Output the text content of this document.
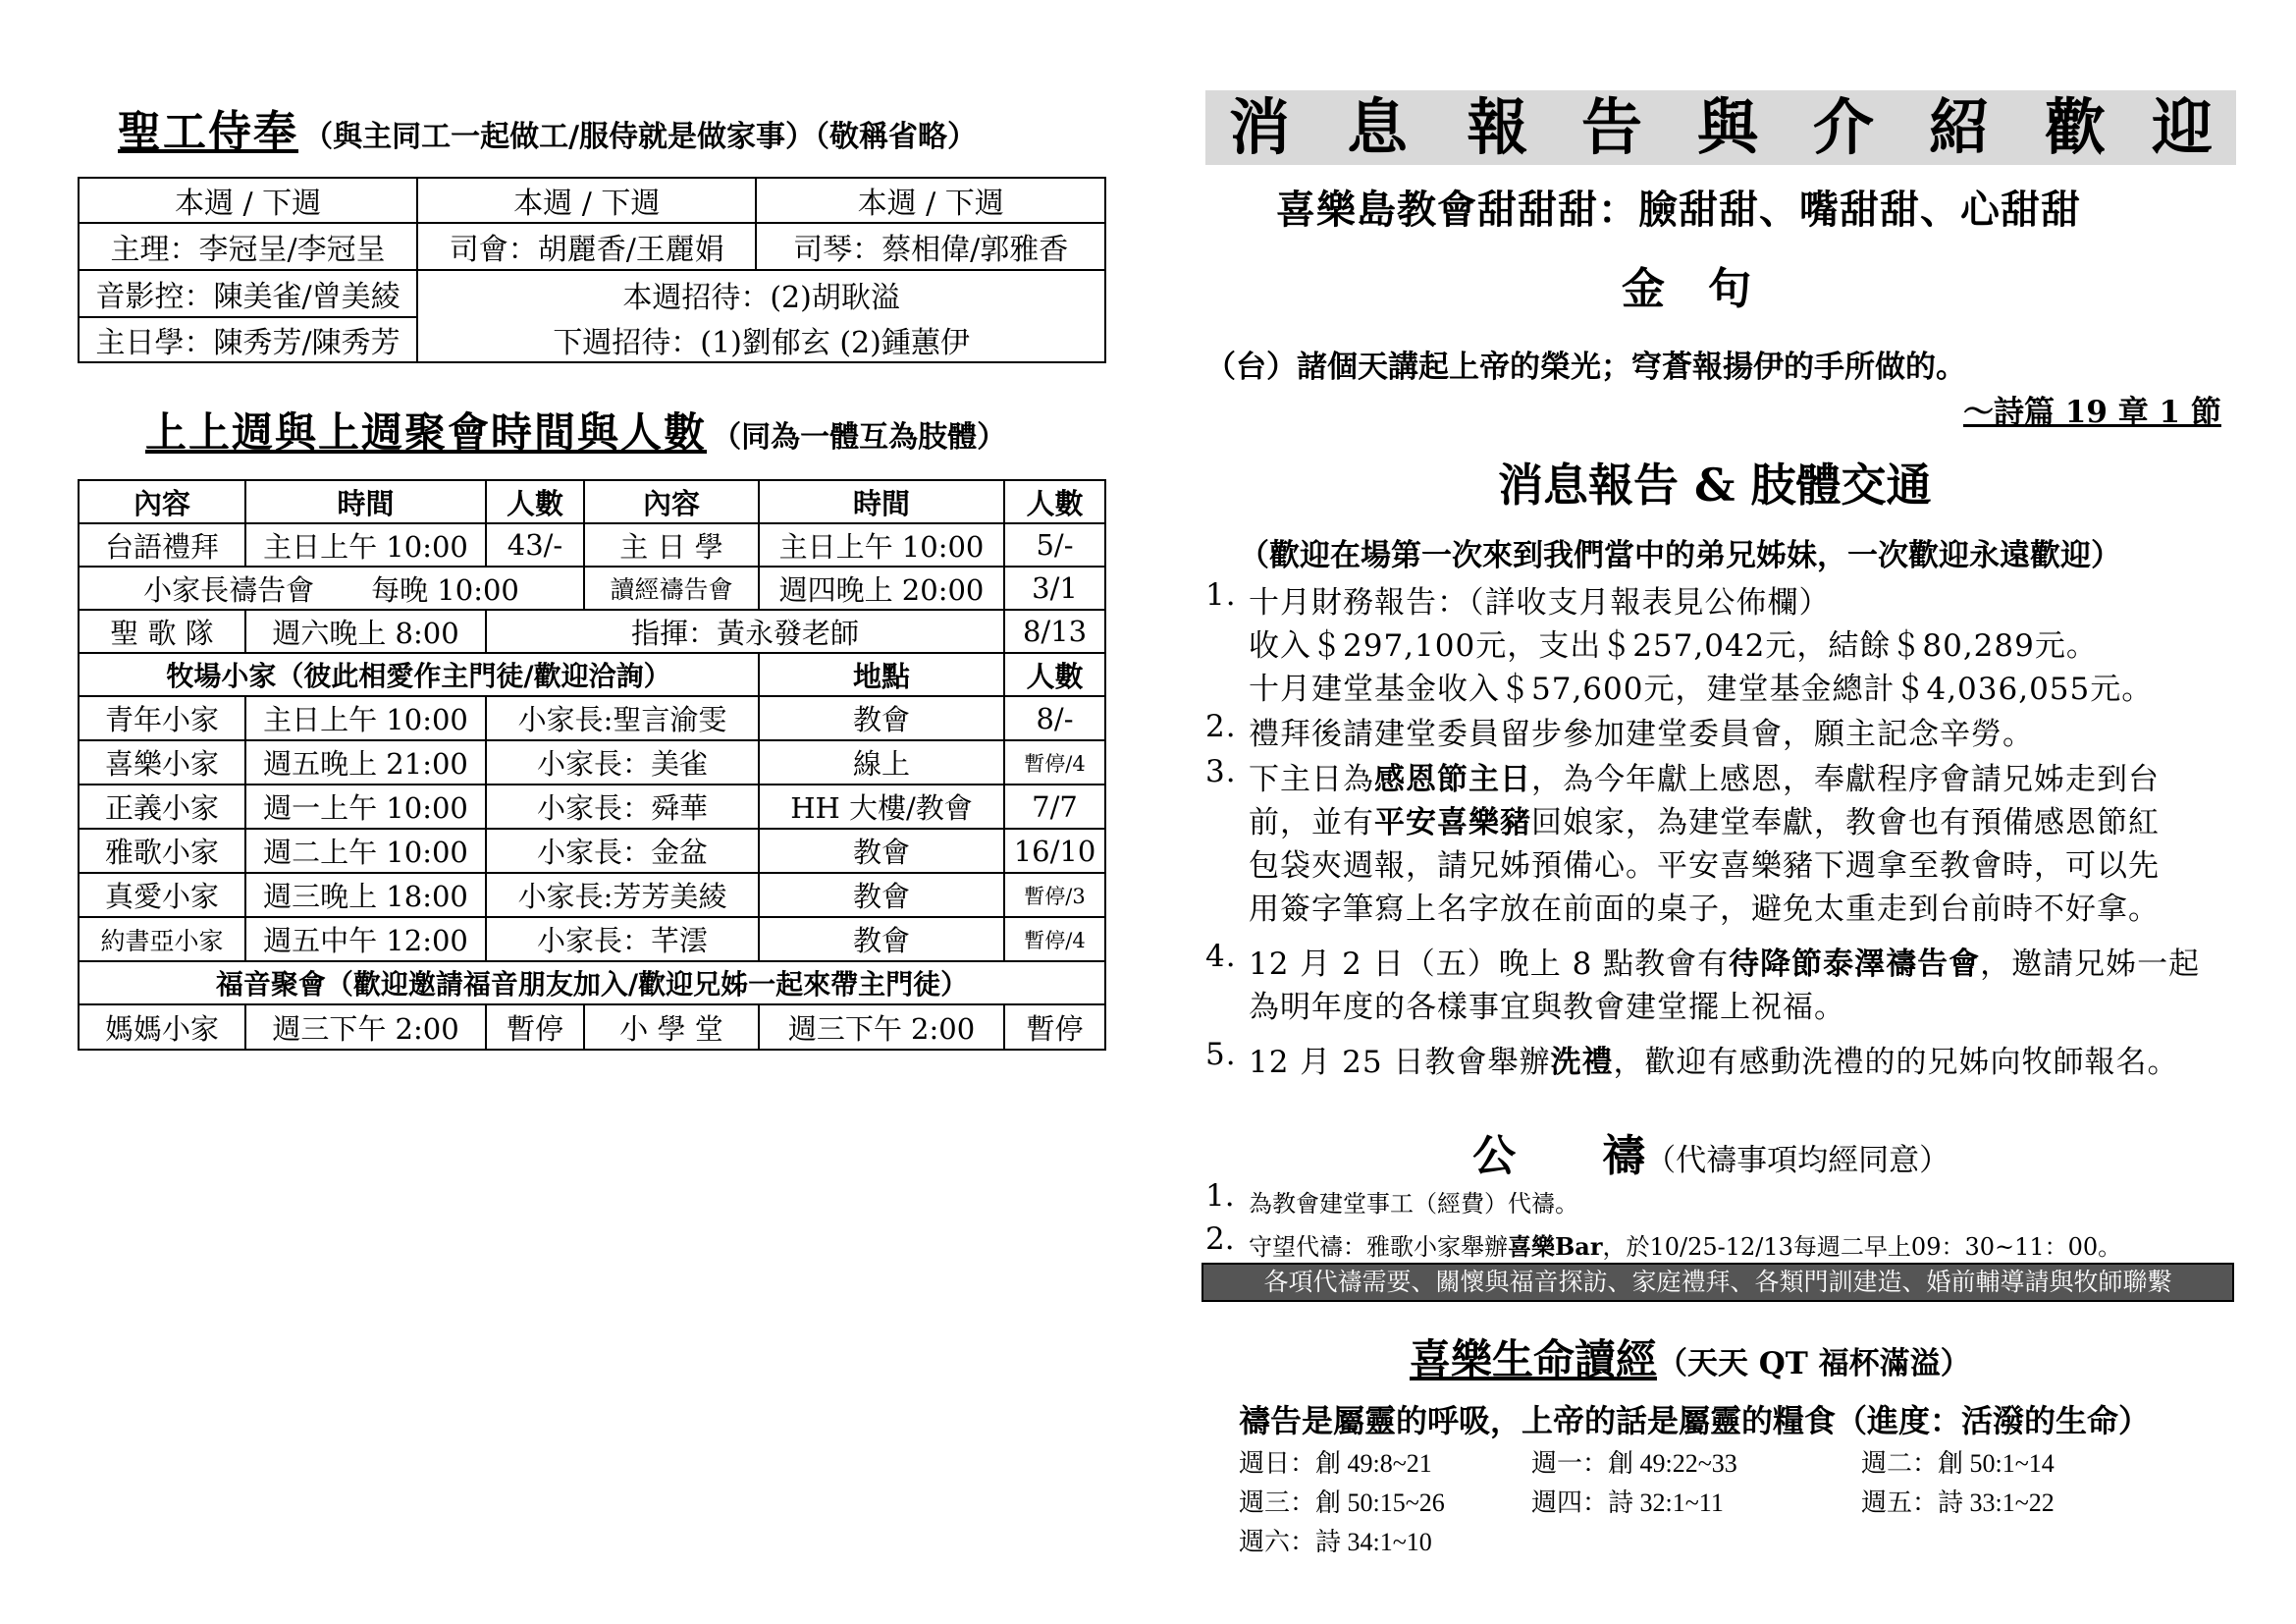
聖工侍奉 （與主同工一起做工/服侍就是做家事）（敬稱省略）
本週 / 下週	本週 / 下週	本週 / 下週
主理：李冠呈/李冠呈	司會：胡麗香/王麗娟	司琴：蔡相偉/郭雅香
音影控：陳美雀/曾美綾	本週招待：(2)胡耿溢	
主日學：陳秀芳/陳秀芳	下週招待：(1)劉郁玄 (2)鍾蕙伊	
上上週與上週聚會時間與人數 （同為一體互為肢體）
內容	時間	人數	內容	時間	人數
台語禮拜	主日上午 10:00	43/-	主 日 學	主日上午 10:00	5/-
小家長禱告會　　每晚 10:00			讀經禱告會	週四晚上 20:00	3/1
聖 歌 隊	週六晚上 8:00	指揮：黃永發老師			8/13
牧場小家（彼此相愛作主門徒/歡迎洽詢）				地點	人數
青年小家	主日上午 10:00	小家長:聖言渝雯		教會	8/-
喜樂小家	週五晚上 21:00	小家長：美雀		線上	暫停/4
正義小家	週一上午 10:00	小家長：舜華		HH 大樓/教會	7/7
雅歌小家	週二上午 10:00	小家長：金盆		教會	16/10
真愛小家	週三晚上 18:00	小家長:芳芳美綾		教會	暫停/3
約書亞小家	週五中午 12:00	小家長：芊澐		教會	暫停/4
福音聚會（歡迎邀請福音朋友加入/歡迎兄姊一起來帶主門徒）					
媽媽小家	週三下午 2:00	暫停	小 學 堂	週三下午 2:00	暫停
消 息 報 告 與 介 紹 歡 迎
喜樂島教會甜甜甜：臉甜甜、嘴甜甜、心甜甜
金　句
（台）諸個天講起上帝的榮光；穹蒼報揚伊的手所做的。
～詩篇 19 章 1 節
消息報告 & 肢體交通
（歡迎在場第一次來到我們當中的弟兄姊妹，一次歡迎永遠歡迎）
1. 十月財務報告：（詳收支月報表見公佈欄）
收入＄297,100元，支出＄257,042元，結餘＄80,289元。
十月建堂基金收入＄57,600元，建堂基金總計＄4,036,055元。
2. 禮拜後請建堂委員留步參加建堂委員會，願主記念辛勞。
3. 下主日為感恩節主日，為今年獻上感恩，奉獻程序會請兄姊走到台
前，並有平安喜樂豬回娘家，為建堂奉獻，教會也有預備感恩節紅
包袋夾週報，請兄姊預備心。平安喜樂豬下週拿至教會時，可以先
用簽字筆寫上名字放在前面的桌子，避免太重走到台前時不好拿。
4. 12 月 2 日（五）晚上 8 點教會有待降節泰澤禱告會，邀請兄姊一起
為明年度的各樣事宜與教會建堂擺上祝福。
5. 12 月 25 日教會舉辦洗禮，歡迎有感動洗禮的的兄姊向牧師報名。

公　　禱（代禱事項均經同意）

1. 為教會建堂事工（經費）代禱。
2. 守望代禱：雅歌小家舉辦喜樂Bar，於10/25-12/13每週二早上09：30~11：00。
各項代禱需要、關懷與福音探訪、家庭禮拜、各類門訓建造、婚前輔導請與牧師聯繫
喜樂生命讀經（天天 QT 福杯滿溢）
禱告是屬靈的呼吸，上帝的話是屬靈的糧食（進度：活潑的生命）
週日：創 49:8~21	週一：創 49:22~33	週二：創 50:1~14
週三：創 50:15~26	週四：詩 32:1~11	週五：詩 33:1~22
週六：詩 34:1~10
